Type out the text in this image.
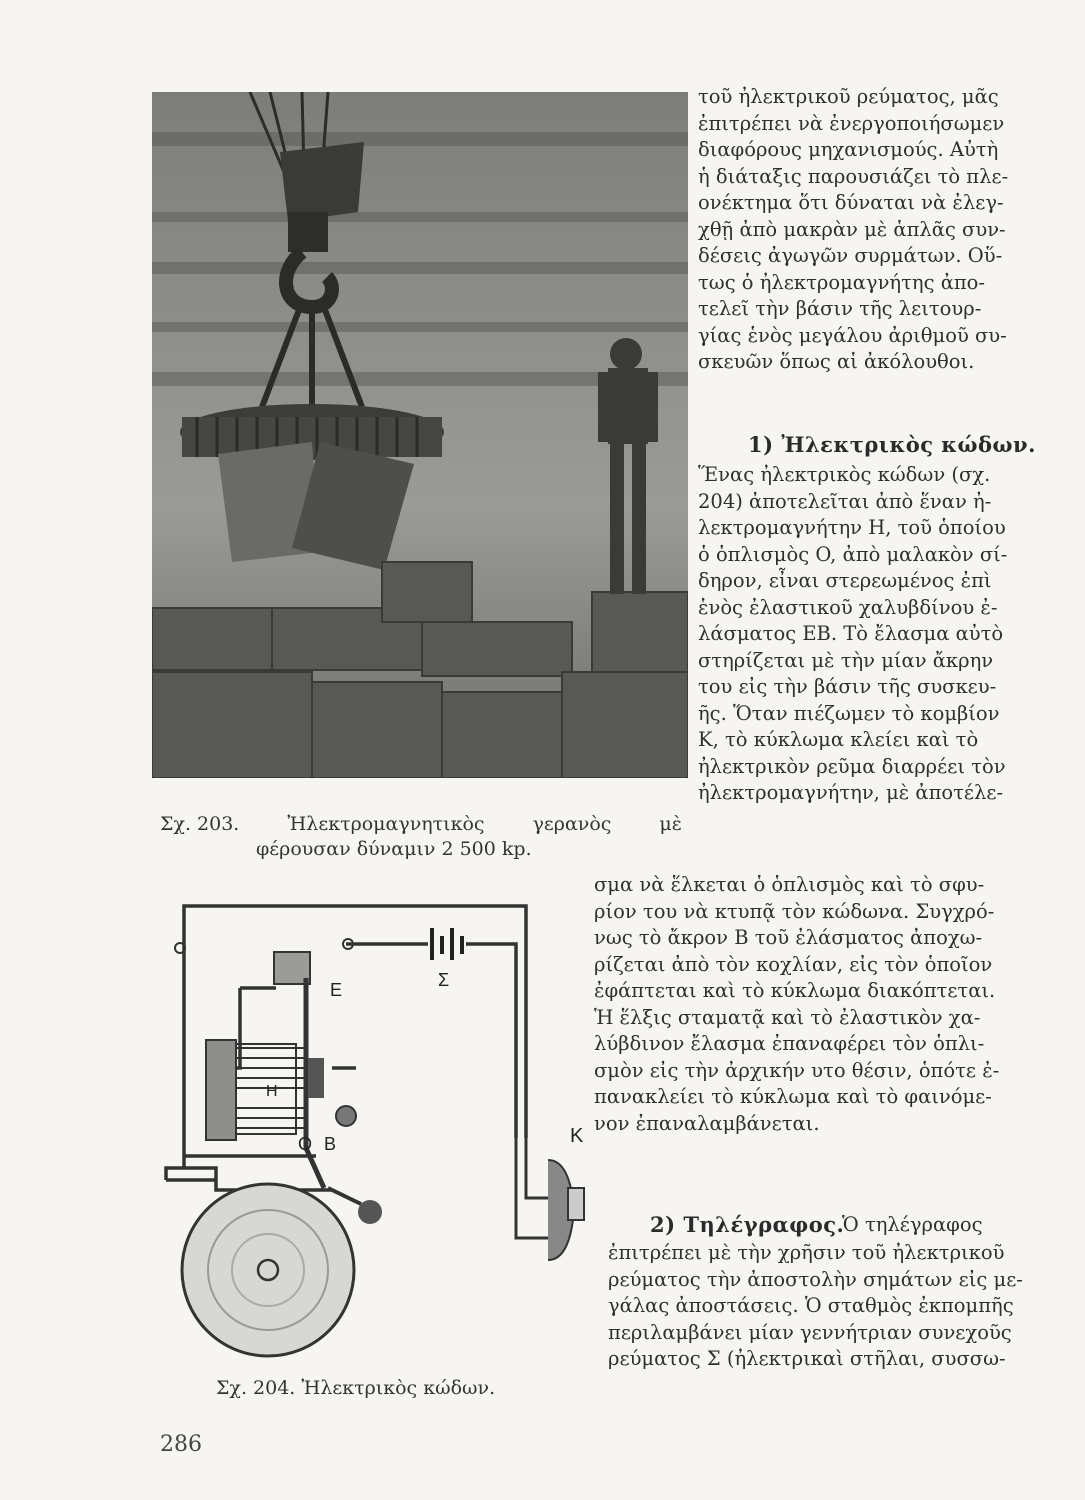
Σχ. 203.	Ἠλεκτρομαγνητικὸς	γερανὸς	μὲ
φέρουσαν δύναμιν 2 500 kp.
τοῦ ἠλεκτρικοῦ ρεύματος, μᾶς
ἐπιτρέπει νὰ ἐνεργοποιήσωμεν
διαφόρους μηχανισμούς. Αὐτὴ
ἡ διάταξις παρουσιάζει τὸ πλε-
ονέκτημα ὅτι δύναται νὰ ἐλεγ-
χθῇ ἀπὸ μακρὰν μὲ ἁπλᾶς συν-
δέσεις ἀγωγῶν συρμάτων. Οὕ-
τως ὁ ἠλεκτρομαγνήτης ἀπο-
τελεῖ τὴν βάσιν τῆς λειτουρ-
γίας ἑνὸς μεγάλου ἀριθμοῦ συ-
σκευῶν ὅπως αἱ ἀκόλουθοι.
1) Ἠλεκτρικὸς κώδων.
Ἕνας ἠλεκτρικὸς κώδων (σχ.
204) ἀποτελεῖται ἀπὸ ἕναν ἠ-
λεκτρομαγνήτην H, τοῦ ὁποίου
ὁ ὁπλισμὸς O, ἀπὸ μαλακὸν σί-
δηρον, εἶναι στερεωμένος ἐπὶ
ἑνὸς ἐλαστικοῦ χαλυβδίνου ἐ-
λάσματος EB. Τὸ ἔλασμα αὐτὸ
στηρίζεται μὲ τὴν μίαν ἄκρην
του εἰς τὴν βάσιν τῆς συσκευ-
ῆς. Ὅταν πιέζωμεν τὸ κομβίον
K, τὸ κύκλωμα κλείει καὶ τὸ
ἠλεκτρικὸν ρεῦμα διαρρέει τὸν
ἠλεκτρομαγνήτην, μὲ ἀποτέλε-
E	Σ
H
O B	K
Σχ. 204. Ἠλεκτρικὸς κώδων.
σμα νὰ ἕλκεται ὁ ὁπλισμὸς καὶ τὸ σφυ-
ρίον του νὰ κτυπᾷ τὸν κώδωνα. Συγχρό-
νως τὸ ἄκρον B τοῦ ἐλάσματος ἀποχω-
ρίζεται ἀπὸ τὸν κοχλίαν, εἰς τὸν ὁποῖον
ἐφάπτεται καὶ τὸ κύκλωμα διακόπτεται.
Ἡ ἕλξις σταματᾷ καὶ τὸ ἐλαστικὸν χα-
λύβδινον ἔλασμα ἐπαναφέρει τὸν ὁπλι-
σμὸν εἰς τὴν ἀρχικήν υτο θέσιν, ὁπότε ἐ-
πανακλείει τὸ κύκλωμα καὶ τὸ φαινόμε-
νον ἐπαναλαμβάνεται.
2) Τηλέγραφος.
Ὁ τηλέγραφος
ἐπιτρέπει μὲ τὴν χρῆσιν τοῦ ἠλεκτρικοῦ
ρεύματος τὴν ἀποστολὴν σημάτων εἰς με-
γάλας ἀποστάσεις. Ὁ σταθμὸς ἐκπομπῆς
περιλαμβάνει μίαν γεννήτριαν συνεχοῦς
ρεύματος Σ (ἠλεκτρικαὶ στῆλαι, συσσω-
286
